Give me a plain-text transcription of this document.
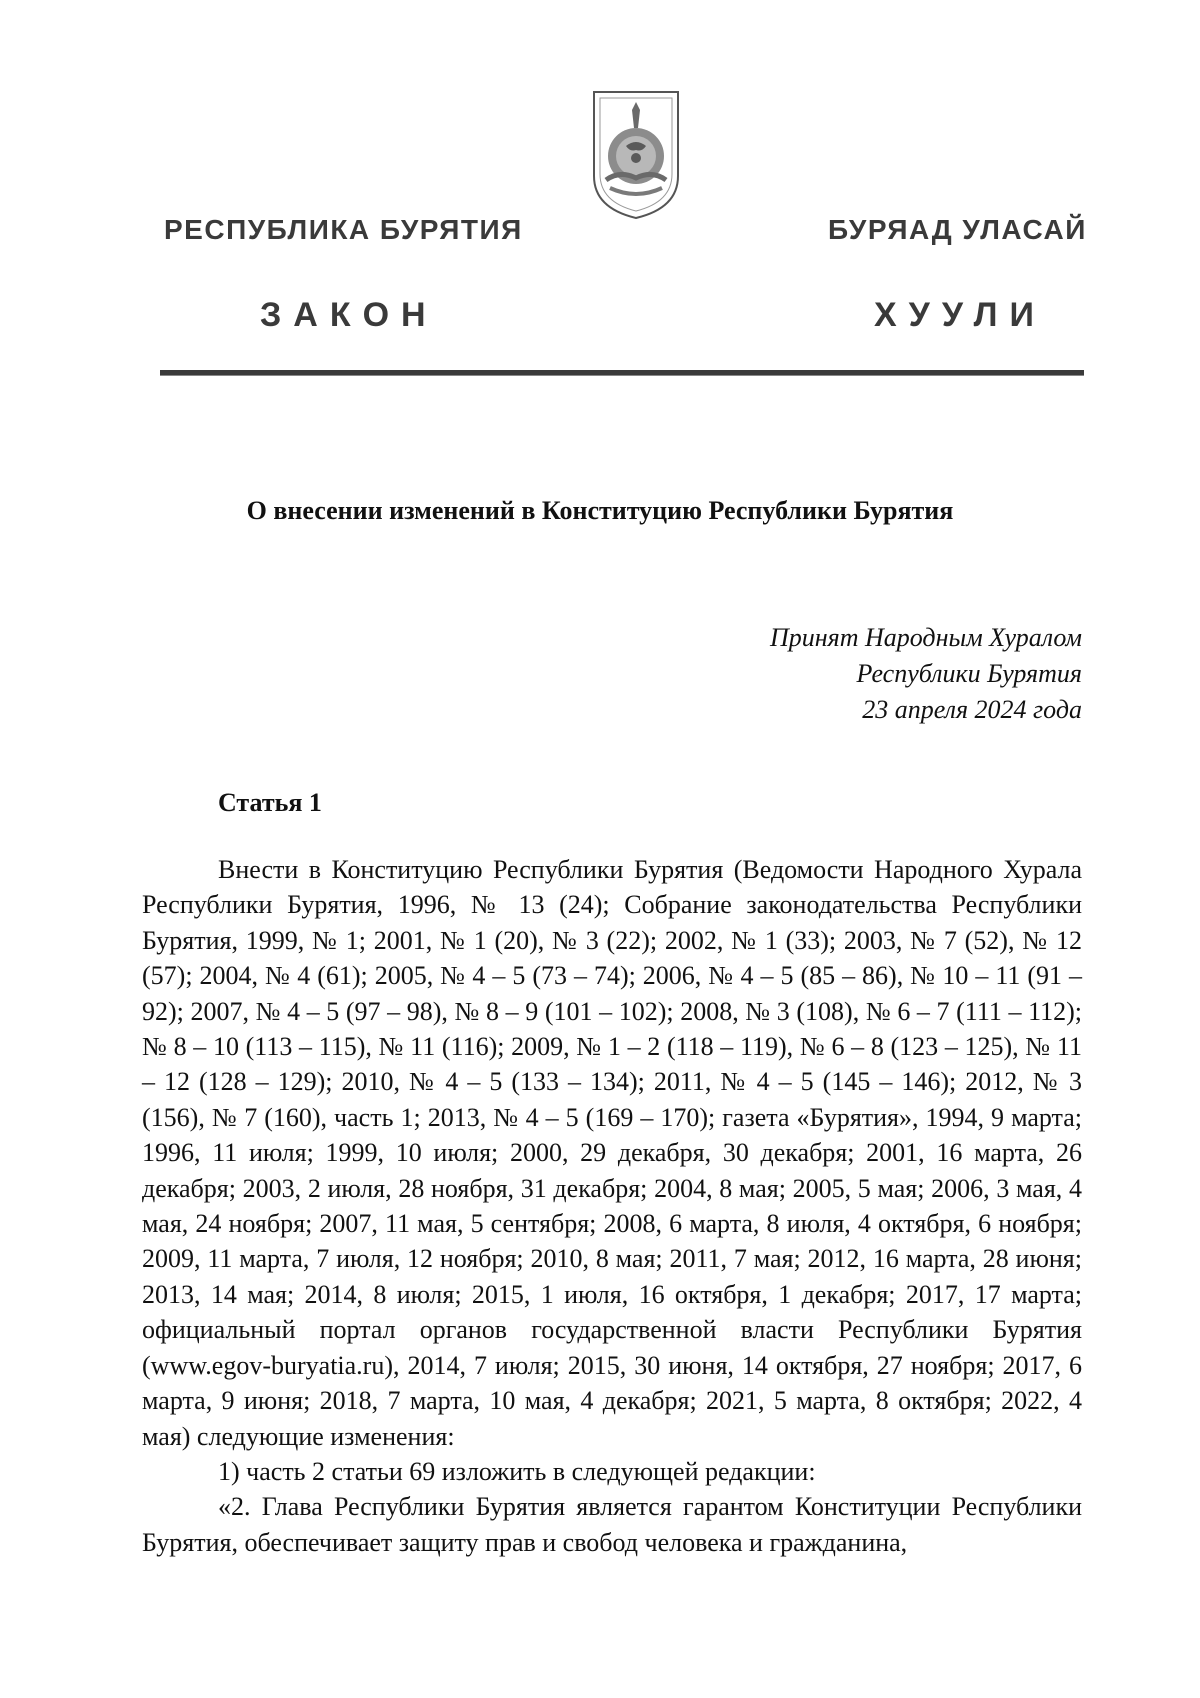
РЕСПУБЛИКА БУРЯТИЯ	БУРЯАД УЛАСАЙ
ЗАКОН	ХУУЛИ
О внесении изменений в Конституцию Республики Бурятия
Принят Народным Хуралом
Республики Бурятия
23 апреля 2024 года
Статья 1

Внести в Конституцию Республики Бурятия (Ведомости Народного Хурала Республики Бурятия, 1996, № 13 (24); Собрание законодательства Республики Бурятия, 1999, № 1; 2001, № 1 (20), № 3 (22); 2002, № 1 (33); 2003, № 7 (52), № 12 (57); 2004, № 4 (61); 2005, № 4 – 5 (73 – 74); 2006, № 4 – 5 (85 – 86), № 10 – 11 (91 – 92); 2007, № 4 – 5 (97 – 98), № 8 – 9 (101 – 102); 2008, № 3 (108), № 6 – 7 (111 – 112); № 8 – 10 (113 – 115), № 11 (116); 2009, № 1 – 2 (118 – 119), № 6 – 8 (123 – 125), № 11 – 12 (128 – 129); 2010, № 4 – 5 (133 – 134); 2011, № 4 – 5 (145 – 146); 2012, № 3 (156), № 7 (160), часть 1; 2013, № 4 – 5 (169 – 170); газета «Бурятия», 1994, 9 марта; 1996, 11 июля; 1999, 10 июля; 2000, 29 декабря, 30 декабря; 2001, 16 марта, 26 декабря; 2003, 2 июля, 28 ноября, 31 декабря; 2004, 8 мая; 2005, 5 мая; 2006, 3 мая, 4 мая, 24 ноября; 2007, 11 мая, 5 сентября; 2008, 6 марта, 8 июля, 4 октября, 6 ноября; 2009, 11 марта, 7 июля, 12 ноября; 2010, 8 мая; 2011, 7 мая; 2012, 16 марта, 28 июня; 2013, 14 мая; 2014, 8 июля; 2015, 1 июля, 16 октября, 1 декабря; 2017, 17 марта; официальный портал органов государственной власти Республики Бурятия (www.egov-buryatia.ru), 2014, 7 июля; 2015, 30 июня, 14 октября, 27 ноября; 2017, 6 марта, 9 июня; 2018, 7 марта, 10 мая, 4 декабря; 2021, 5 марта, 8 октября; 2022, 4 мая) следующие изменения:

1) часть 2 статьи 69 изложить в следующей редакции:

«2. Глава Республики Бурятия является гарантом Конституции Республики Бурятия, обеспечивает защиту прав и свобод человека и гражданина,
